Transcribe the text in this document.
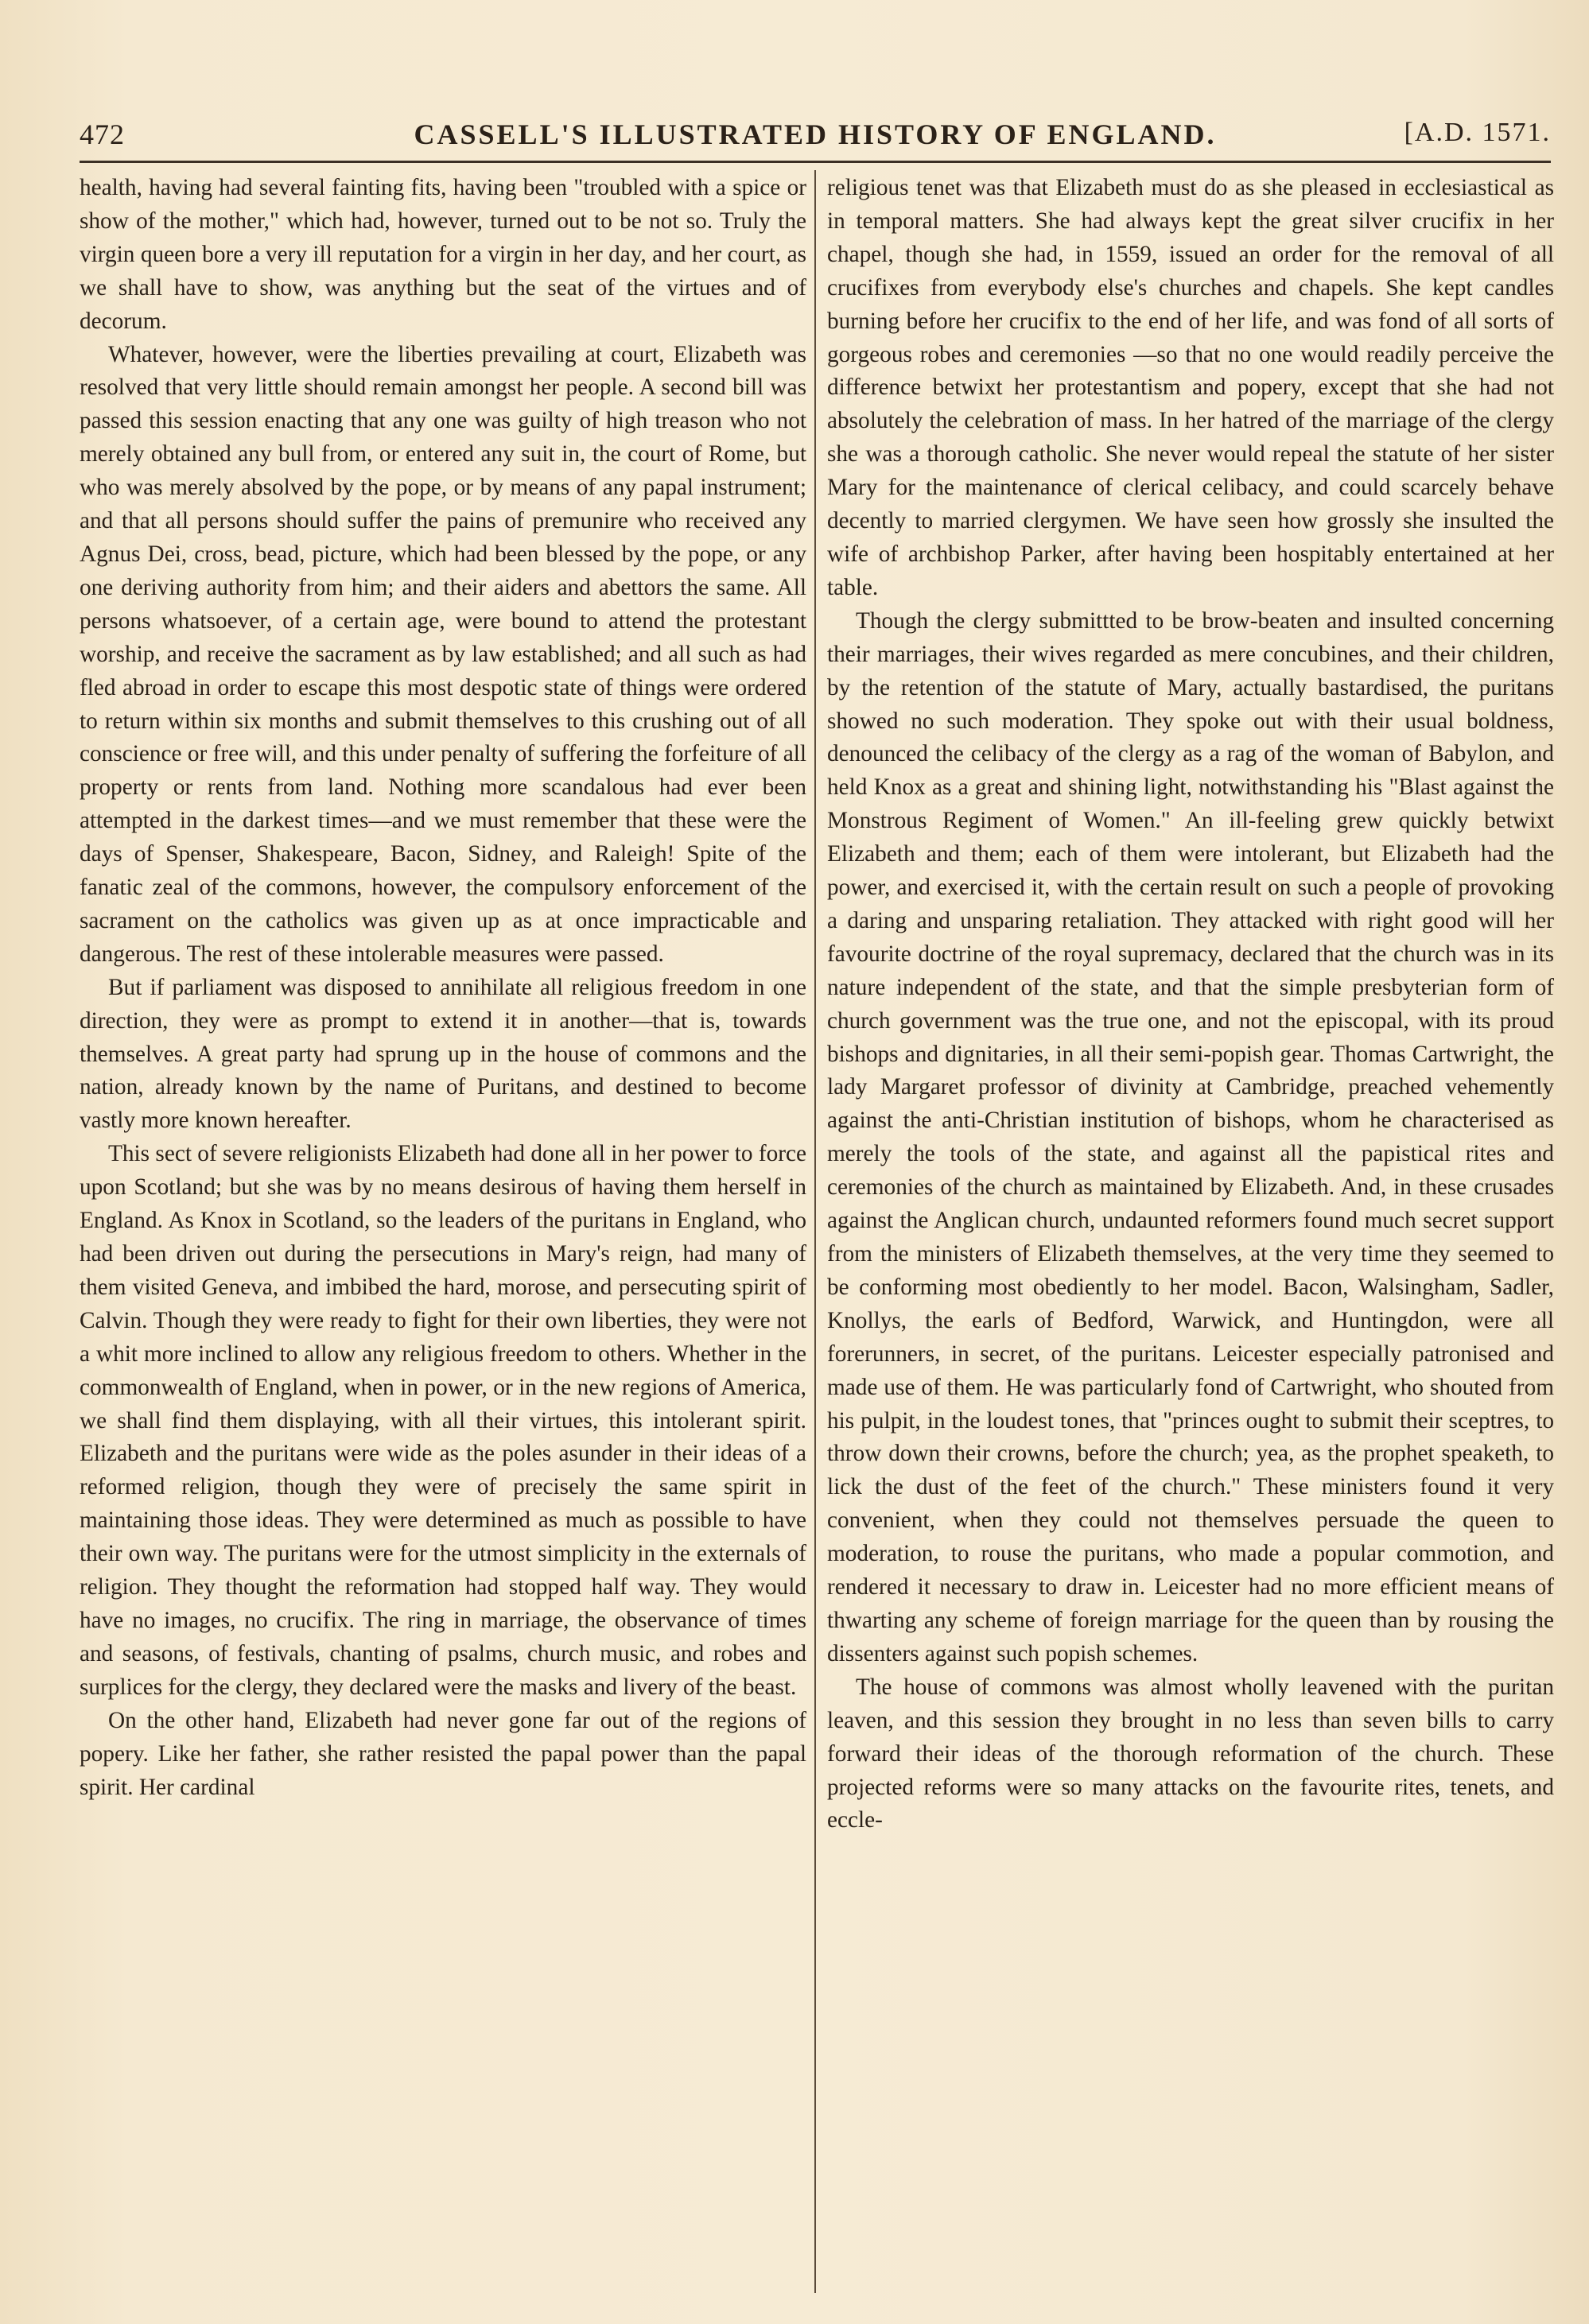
472	CASSELL'S ILLUSTRATED HISTORY OF ENGLAND.	[A.D. 1571.

health, having had several fainting fits, having been "troubled with a spice or show of the mother," which had, however, turned out to be not so. Truly the virgin queen bore a very ill reputation for a virgin in her day, and her court, as we shall have to show, was anything but the seat of the virtues and of decorum.

Whatever, however, were the liberties prevailing at court, Elizabeth was resolved that very little should remain amongst her people. A second bill was passed this session enacting that any one was guilty of high treason who not merely obtained any bull from, or entered any suit in, the court of Rome, but who was merely absolved by the pope, or by means of any papal instrument; and that all persons should suffer the pains of premunire who received any Agnus Dei, cross, bead, picture, which had been blessed by the pope, or any one deriving authority from him; and their aiders and abettors the same. All persons whatsoever, of a certain age, were bound to attend the protestant worship, and receive the sacrament as by law established; and all such as had fled abroad in order to escape this most despotic state of things were ordered to return within six months and submit themselves to this crushing out of all conscience or free will, and this under penalty of suffering the forfeiture of all property or rents from land. Nothing more scandalous had ever been attempted in the darkest times—and we must remember that these were the days of Spenser, Shakespeare, Bacon, Sidney, and Raleigh! Spite of the fanatic zeal of the commons, however, the compulsory enforcement of the sacrament on the catholics was given up as at once impracticable and dangerous. The rest of these intolerable measures were passed.

But if parliament was disposed to annihilate all religious freedom in one direction, they were as prompt to extend it in another—that is, towards themselves. A great party had sprung up in the house of commons and the nation, already known by the name of Puritans, and destined to become vastly more known hereafter.

This sect of severe religionists Elizabeth had done all in her power to force upon Scotland; but she was by no means desirous of having them herself in England. As Knox in Scotland, so the leaders of the puritans in England, who had been driven out during the persecutions in Mary's reign, had many of them visited Geneva, and imbibed the hard, morose, and persecuting spirit of Calvin. Though they were ready to fight for their own liberties, they were not a whit more inclined to allow any religious freedom to others. Whether in the commonwealth of England, when in power, or in the new regions of America, we shall find them displaying, with all their virtues, this intolerant spirit. Elizabeth and the puritans were wide as the poles asunder in their ideas of a reformed religion, though they were of precisely the same spirit in maintaining those ideas. They were determined as much as possible to have their own way. The puritans were for the utmost simplicity in the externals of religion. They thought the reformation had stopped half way. They would have no images, no crucifix. The ring in marriage, the observance of times and seasons, of festivals, chanting of psalms, church music, and robes and surplices for the clergy, they declared were the masks and livery of the beast.

On the other hand, Elizabeth had never gone far out of the regions of popery. Like her father, she rather resisted the papal power than the papal spirit. Her cardinal

religious tenet was that Elizabeth must do as she pleased in ecclesiastical as in temporal matters. She had always kept the great silver crucifix in her chapel, though she had, in 1559, issued an order for the removal of all crucifixes from everybody else's churches and chapels. She kept candles burning before her crucifix to the end of her life, and was fond of all sorts of gorgeous robes and ceremonies —so that no one would readily perceive the difference betwixt her protestantism and popery, except that she had not absolutely the celebration of mass. In her hatred of the marriage of the clergy she was a thorough catholic. She never would repeal the statute of her sister Mary for the maintenance of clerical celibacy, and could scarcely behave decently to married clergymen. We have seen how grossly she insulted the wife of archbishop Parker, after having been hospitably entertained at her table.

Though the clergy submittted to be brow-beaten and insulted concerning their marriages, their wives regarded as mere concubines, and their children, by the retention of the statute of Mary, actually bastardised, the puritans showed no such moderation. They spoke out with their usual boldness, denounced the celibacy of the clergy as a rag of the woman of Babylon, and held Knox as a great and shining light, notwithstanding his "Blast against the Monstrous Regiment of Women." An ill-feeling grew quickly betwixt Elizabeth and them; each of them were intolerant, but Elizabeth had the power, and exercised it, with the certain result on such a people of provoking a daring and unsparing retaliation. They attacked with right good will her favourite doctrine of the royal supremacy, declared that the church was in its nature independent of the state, and that the simple presbyterian form of church government was the true one, and not the episcopal, with its proud bishops and dignitaries, in all their semi-popish gear. Thomas Cartwright, the lady Margaret professor of divinity at Cambridge, preached vehemently against the anti-Christian institution of bishops, whom he characterised as merely the tools of the state, and against all the papistical rites and ceremonies of the church as maintained by Elizabeth. And, in these crusades against the Anglican church, undaunted reformers found much secret support from the ministers of Elizabeth themselves, at the very time they seemed to be conforming most obediently to her model. Bacon, Walsingham, Sadler, Knollys, the earls of Bedford, Warwick, and Huntingdon, were all forerunners, in secret, of the puritans. Leicester especially patronised and made use of them. He was particularly fond of Cartwright, who shouted from his pulpit, in the loudest tones, that "princes ought to submit their sceptres, to throw down their crowns, before the church; yea, as the prophet speaketh, to lick the dust of the feet of the church." These ministers found it very convenient, when they could not themselves persuade the queen to moderation, to rouse the puritans, who made a popular commotion, and rendered it necessary to draw in. Leicester had no more efficient means of thwarting any scheme of foreign marriage for the queen than by rousing the dissenters against such popish schemes.

The house of commons was almost wholly leavened with the puritan leaven, and this session they brought in no less than seven bills to carry forward their ideas of the thorough reformation of the church. These projected reforms were so many attacks on the favourite rites, tenets, and eccle-
